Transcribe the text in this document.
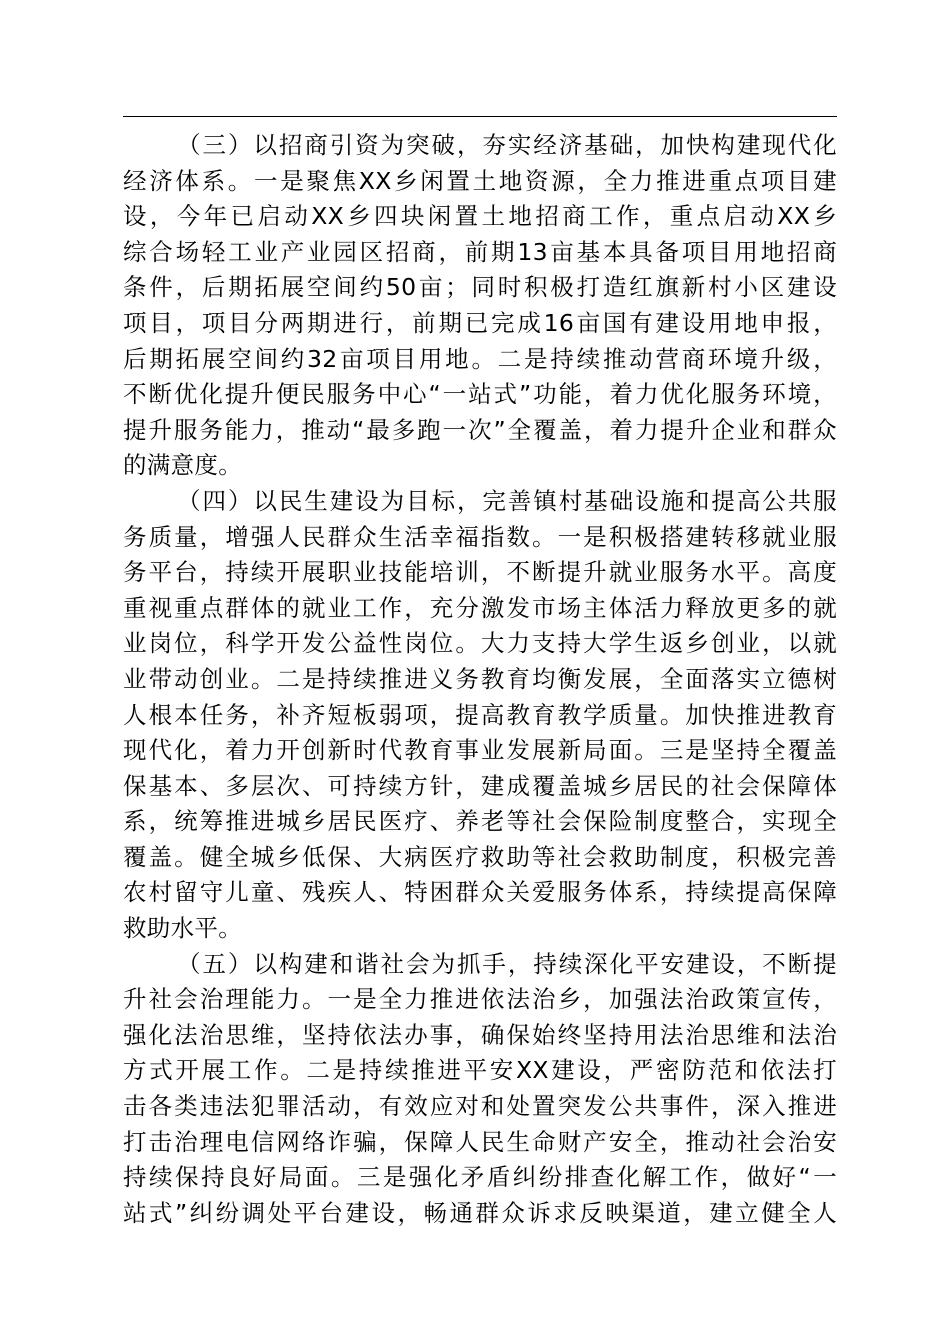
（三）以招商引资为突破，夯实经济基础，加快构建现代化
经济体系。一是聚焦XX乡闲置土地资源，全力推进重点项目建
设，今年已启动XX乡四块闲置土地招商工作，重点启动XX乡
综合场轻工业产业园区招商，前期13亩基本具备项目用地招商
条件，后期拓展空间约50亩；同时积极打造红旗新村小区建设
项目，项目分两期进行，前期已完成16亩国有建设用地申报，
后期拓展空间约32亩项目用地。二是持续推动营商环境升级，
不断优化提升便民服务中心“一站式”功能，着力优化服务环境，
提升服务能力，推动“最多跑一次”全覆盖，着力提升企业和群众
的满意度。
（四）以民生建设为目标，完善镇村基础设施和提高公共服
务质量，增强人民群众生活幸福指数。一是积极搭建转移就业服
务平台，持续开展职业技能培训，不断提升就业服务水平。高度
重视重点群体的就业工作，充分激发市场主体活力释放更多的就
业岗位，科学开发公益性岗位。大力支持大学生返乡创业，以就
业带动创业。二是持续推进义务教育均衡发展，全面落实立德树
人根本任务，补齐短板弱项，提高教育教学质量。加快推进教育
现代化，着力开创新时代教育事业发展新局面。三是坚持全覆盖
保基本、多层次、可持续方针，建成覆盖城乡居民的社会保障体
系，统筹推进城乡居民医疗、养老等社会保险制度整合，实现全
覆盖。健全城乡低保、大病医疗救助等社会救助制度，积极完善
农村留守儿童、残疾人、特困群众关爱服务体系，持续提高保障
救助水平。
（五）以构建和谐社会为抓手，持续深化平安建设，不断提
升社会治理能力。一是全力推进依法治乡，加强法治政策宣传，
强化法治思维，坚持依法办事，确保始终坚持用法治思维和法治
方式开展工作。二是持续推进平安XX建设，严密防范和依法打
击各类违法犯罪活动，有效应对和处置突发公共事件，深入推进
打击治理电信网络诈骗，保障人民生命财产安全，推动社会治安
持续保持良好局面。三是强化矛盾纠纷排查化解工作，做好“一
站式”纠纷调处平台建设，畅通群众诉求反映渠道，建立健全人
